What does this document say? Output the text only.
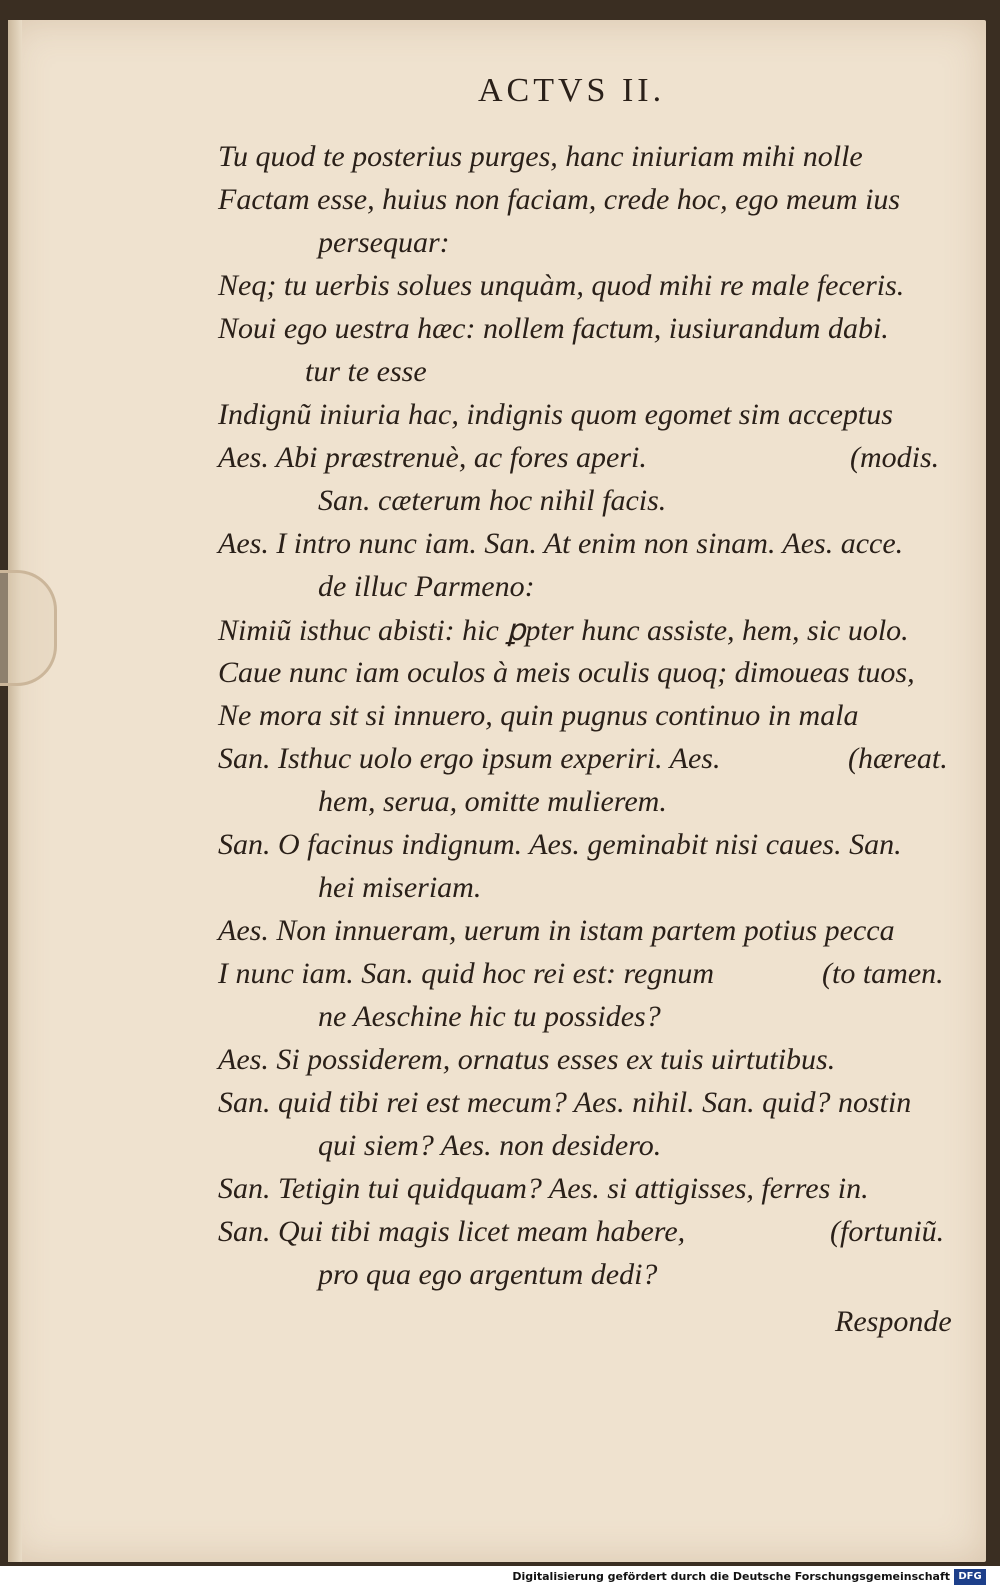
ACTVS II.
Tu quod te posterius purges, hanc iniuriam mihi nolle
Factam esse, huius non faciam, crede hoc, ego meum ius
persequar:
Neq; tu uerbis solues unquàm, quod mihi re male feceris.
Noui ego uestra hæc: nollem factum, iusiurandum dabi.
tur te esse
Indignũ iniuria hac, indignis quom egomet sim acceptus
Aes. Abi præstrenuè, ac fores aperi.	(modis.
San. cæterum hoc nihil facis.
Aes. I intro nunc iam. San. At enim non sinam. Aes. acce.
de illuc Parmeno:
Nimiũ isthuc abisti: hic ꝑpter hunc assiste, hem, sic uolo.
Caue nunc iam oculos à meis oculis quoq; dimoueas tuos,
Ne mora sit si innuero, quin pugnus continuo in mala
San. Isthuc uolo ergo ipsum experiri. Aes.	(hæreat.
hem, serua, omitte mulierem.
San. O facinus indignum. Aes. geminabit nisi caues. San.
hei miseriam.
Aes. Non innueram, uerum in istam partem potius pecca
I nunc iam. San. quid hoc rei est: regnum	(to tamen.
ne Aeschine hic tu possides?
Aes. Si possiderem, ornatus esses ex tuis uirtutibus.
San. quid tibi rei est mecum? Aes. nihil. San. quid? nostin
qui siem? Aes. non desidero.
San. Tetigin tui quidquam? Aes. si attigisses, ferres in.
San. Qui tibi magis licet meam habere,	(fortuniũ.
pro qua ego argentum dedi?
Responde
Digitalisierung gefördert durch die Deutsche Forschungsgemeinschaft DFG
